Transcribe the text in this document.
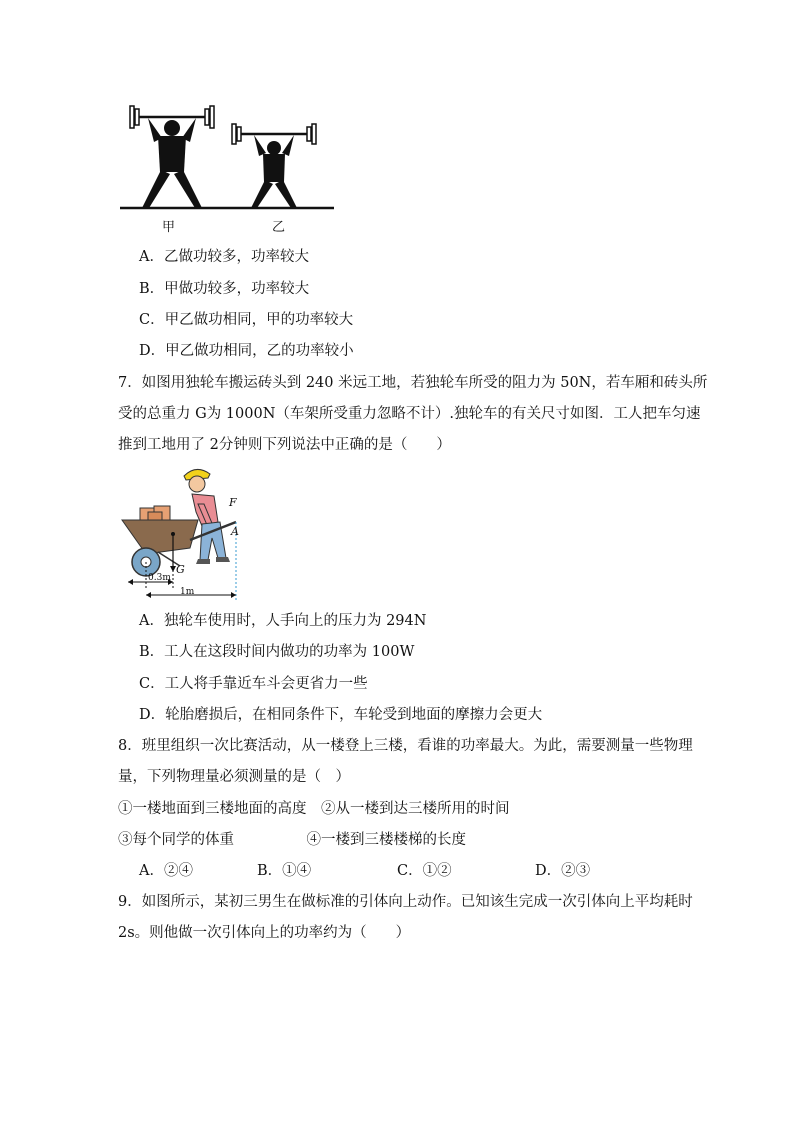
甲	乙
A．乙做功较多，功率较大
B．甲做功较多，功率较大
C．甲乙做功相同，甲的功率较大
D．甲乙做功相同，乙的功率较小
7．如图用独轮车搬运砖头到 240 米远工地，若独轮车所受的阻力为 50N，若车厢和砖头所
受的总重力 G为 1000N（车架所受重力忽略不计）.独轮车的有关尺寸如图．工人把车匀速
推到工地用了 2分钟则下列说法中正确的是（　　）
F
A
G
0.3m
1m
A．独轮车使用时，人手向上的压力为 294N
B．工人在这段时间内做功的功率为 100W
C．工人将手靠近车斗会更省力一些
D．轮胎磨损后，在相同条件下，车轮受到地面的摩擦力会更大
8．班里组织一次比赛活动，从一楼登上三楼，看谁的功率最大。为此，需要测量一些物理
量，下列物理量必须测量的是（　）
①一楼地面到三楼地面的高度　②从一楼到达三楼所用的时间
③每个同学的体重　　　　　④一楼到三楼楼梯的长度
A．②④	B．①④	C．①②	D．②③
9．如图所示，某初三男生在做标准的引体向上动作。已知该生完成一次引体向上平均耗时
2s。则他做一次引体向上的功率约为（　　）
